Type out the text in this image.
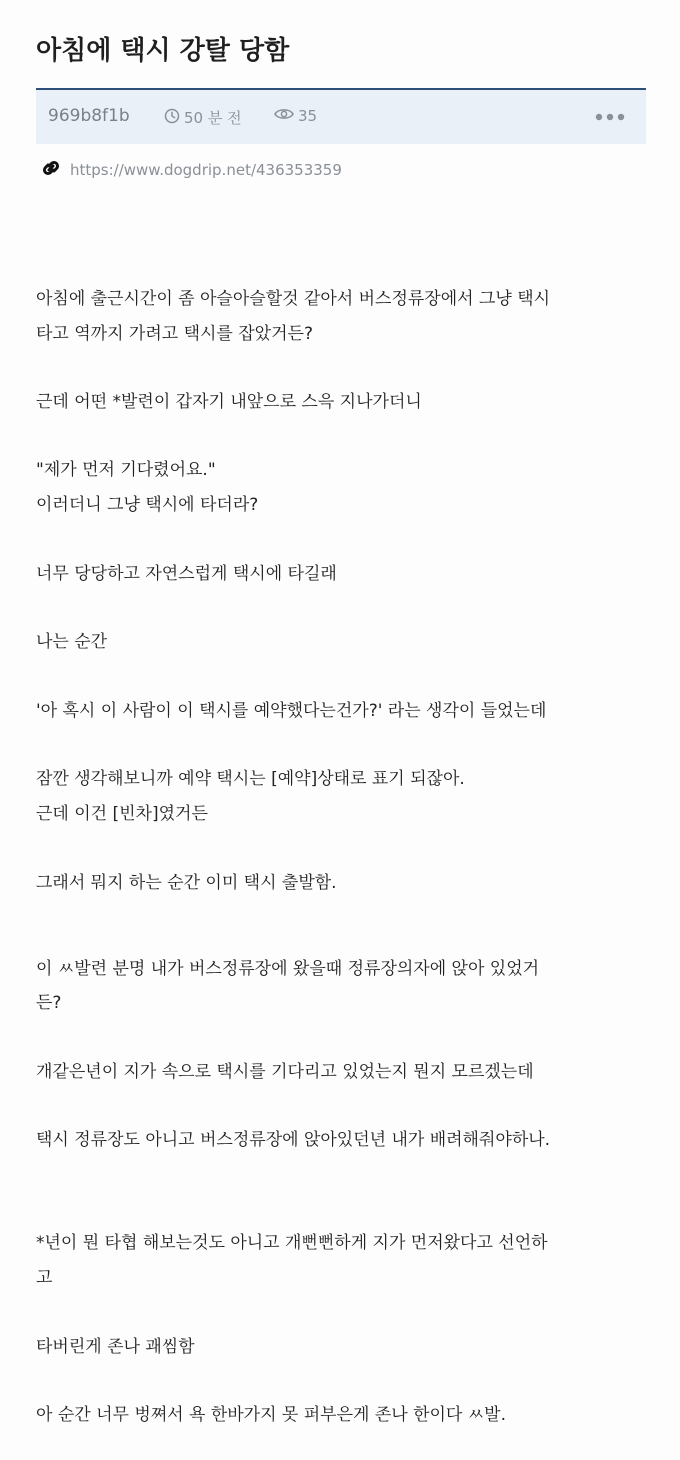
아침에 택시 강탈 당함
969b8f1b	50 분 전	35
https://www.dogdrip.net/436353359
아침에 출근시간이 좀 아슬아슬할것 같아서 버스정류장에서 그냥 택시
타고 역까지 가려고 택시를 잡았거든?
근데 어떤 *발련이 갑자기 내앞으로 스윽 지나가더니
"제가 먼저 기다렸어요."
이러더니 그냥 택시에 타더라?
너무 당당하고 자연스럽게 택시에 타길래
나는 순간
'아 혹시 이 사람이 이 택시를 예약했다는건가?' 라는 생각이 들었는데
잠깐 생각해보니까 예약 택시는 [예약]상태로 표기 되잖아.
근데 이건 [빈차]였거든
그래서 뭐지 하는 순간 이미 택시 출발함.
이 ㅆ발련 분명 내가 버스정류장에 왔을때 정류장의자에 앉아 있었거
든?
개같은년이 지가 속으로 택시를 기다리고 있었는지 뭔지 모르겠는데
택시 정류장도 아니고 버스정류장에 앉아있던년 내가 배려해줘야하나.
*년이 뭔 타협 해보는것도 아니고 개뻔뻔하게 지가 먼저왔다고 선언하
고
타버린게 존나 괘씸함
아 순간 너무 벙쪄서 욕 한바가지 못 퍼부은게 존나 한이다 ㅆ발.
